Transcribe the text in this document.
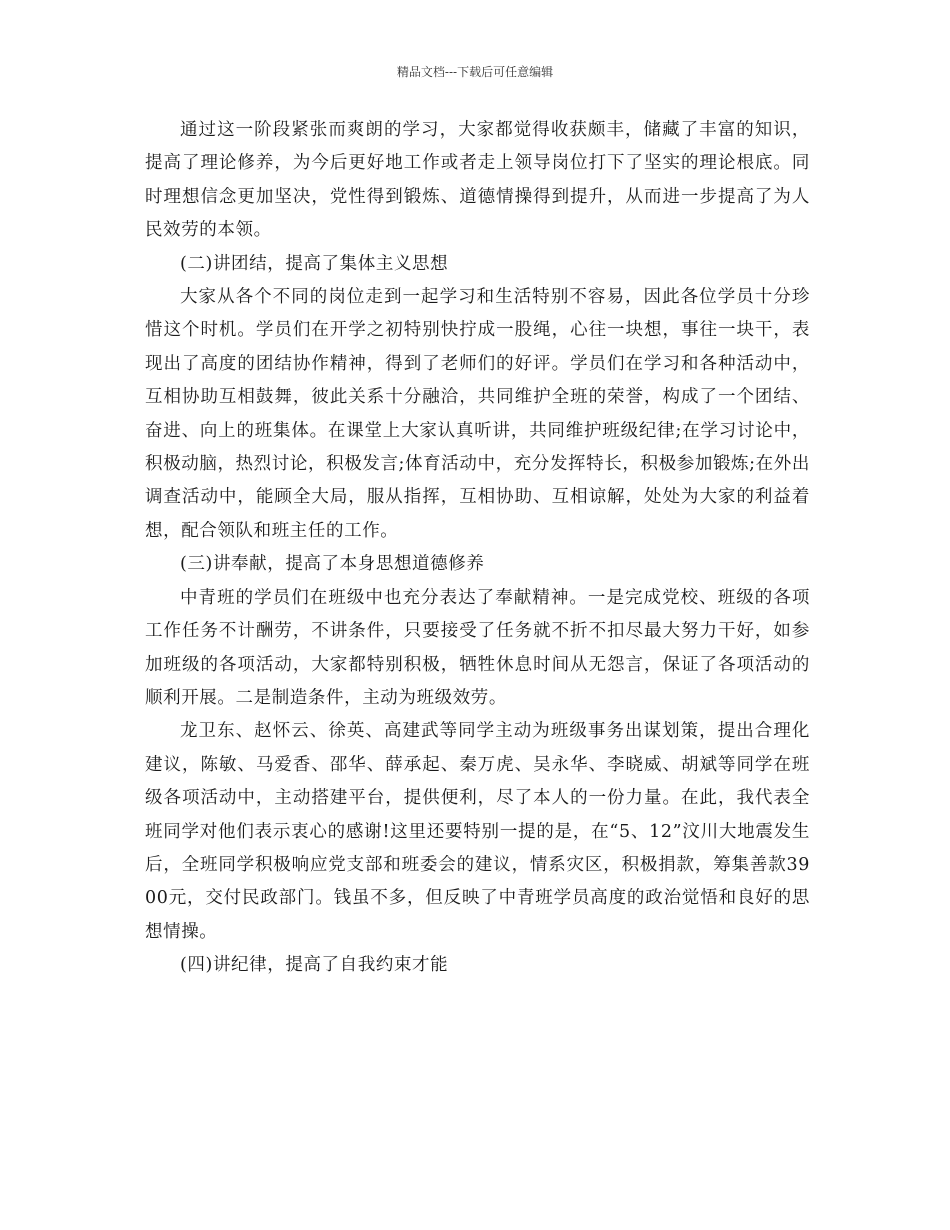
精品文档---下载后可任意编辑

通过这一阶段紧张而爽朗的学习，大家都觉得收获颇丰，储藏了丰富的知识，提高了理论修养，为今后更好地工作或者走上领导岗位打下了坚实的理论根底。同时理想信念更加坚决，党性得到锻炼、道德情操得到提升，从而进一步提高了为人民效劳的本领。

(二)讲团结，提高了集体主义思想

大家从各个不同的岗位走到一起学习和生活特别不容易，因此各位学员十分珍惜这个时机。学员们在开学之初特别快拧成一股绳，心往一块想，事往一块干，表现出了高度的团结协作精神，得到了老师们的好评。学员们在学习和各种活动中，互相协助互相鼓舞，彼此关系十分融洽，共同维护全班的荣誉，构成了一个团结、奋进、向上的班集体。在课堂上大家认真听讲，共同维护班级纪律;在学习讨论中，积极动脑，热烈讨论，积极发言;体育活动中，充分发挥特长，积极参加锻炼;在外出调查活动中，能顾全大局，服从指挥，互相协助、互相谅解，处处为大家的利益着想，配合领队和班主任的工作。

(三)讲奉献，提高了本身思想道德修养

中青班的学员们在班级中也充分表达了奉献精神。一是完成党校、班级的各项工作任务不计酬劳，不讲条件，只要接受了任务就不折不扣尽最大努力干好，如参加班级的各项活动，大家都特别积极，牺牲休息时间从无怨言，保证了各项活动的顺利开展。二是制造条件，主动为班级效劳。

龙卫东、赵怀云、徐英、高建武等同学主动为班级事务出谋划策，提出合理化建议，陈敏、马爱香、邵华、薛承起、秦万虎、吴永华、李晓威、胡斌等同学在班级各项活动中，主动搭建平台，提供便利，尽了本人的一份力量。在此，我代表全班同学对他们表示衷心的感谢!这里还要特别一提的是，在“5、12”汶川大地震发生后，全班同学积极响应党支部和班委会的建议，情系灾区，积极捐款，筹集善款3900元，交付民政部门。钱虽不多，但反映了中青班学员高度的政治觉悟和良好的思想情操。

(四)讲纪律，提高了自我约束才能
